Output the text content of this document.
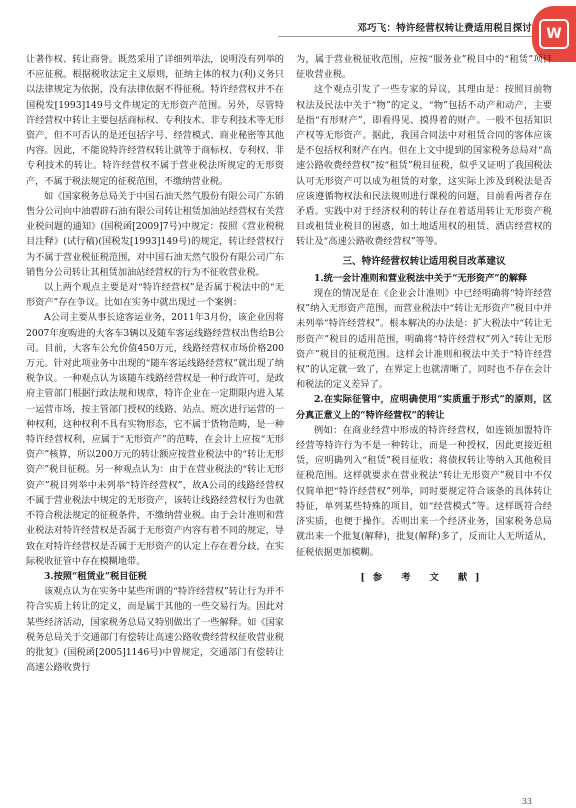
邓巧飞：特许经营权转让费适用税目探讨	W

让著作权、转让商誉。既然采用了详细列举法，说明没有列举的不应征税。根据税收法定主义原则，征纳主体的权力(利)义务只以法律规定为依据，没有法律依据不得征税。特许经营权并不在国税发[1993]149号文件规定的无形资产范围。另外，尽管特许经营权中转让主要包括商标权、专利技术、非专利技术等无形资产，但不可否认的是还包括字号、经营模式、商业秘密等其他内容。因此，不能说特许经营权转让就等于商标权、专利权、非专利技术的转让。特许经营权不属于营业税法所规定的无形资产，不属于税法规定的征税范围，不缴纳营业税。

如《国家税务总局关于中国石油天然气股份有限公司广东销售分公司向中油碧辟石油有限公司转让租赁加油站经营权有关营业税问题的通知》(国税函[2009]7号)中规定：按照《营业税税目注释》(试行稿)(国税发[1993]149号)的规定，转让经营权行为不属于营业税征税范围，对中国石油天然气股份有限公司广东销售分公司转让其租赁加油站经营权的行为不征收营业税。

以上两个观点主要是对“特许经营权”是否属于税法中的“无形资产”存在争议。比如在实务中就出现过一个案例：

A公司主要从事长途客运业务，2011年3月份，该企业因将2007年度购进的大客车3辆以及随车客运线路经营权出售给B公司。目前，大客车公允价值450万元，线路经营权市场价格200万元。针对此项业务中出现的“随车客运线路经营权”就出现了纳税争议。一种观点认为该随车线路经营权是一种行政许可，是政府主管部门根据行政法规和规章，特许企业在一定期限内进入某一运营市场，按主管部门授权的线路、站点、班次进行运营的一种权利，这种权利不具有实物形态，它不属于货物范畴，是一种特许经营权利，应属于“无形资产”的范畴，在会计上应按“无形资产”核算，所以200万元的转让额应按营业税法中的“转让无形资产”税目征税。另一种观点认为：由于在营业税法的“转让无形资产”税目列举中未列举“特许经营权”，故A公司的线路经营权不属于营业税法中规定的无形资产，该转让线路经营权行为也就不符合税法规定的征税条件，不缴纳营业税。由于会计准则和营业税法对特许经营权是否属于无形资产内容有着不同的规定，导致在对特许经营权是否属于无形资产的认定上存在着分歧，在实际税收征管中存在模糊地带。

3.按照“租赁业”税目征税

该观点认为在实务中某些所谓的“特许经营权”转让行为并不符合实质上转让的定义，而是属于其他的一些交易行为。因此对某些经济活动，国家税务总局又特别做出了一些解释。如《国家税务总局关于交通部门有偿转让高速公路收费经营权征收营业税的批复》(国税函[2005]1146号)中曾规定，交通部门有偿转让高速公路收费行

为，属于营业税征收范围，应按“服务业”税目中的“租赁”项目征收营业税。

这个观点引发了一些专家的异议，其理由是：按照目前物权法及民法中关于“物”的定义，“物”包括不动产和动产，主要是指“有形财产”，即看得见、摸得着的财产。一般不包括知识产权等无形资产。据此，我国合同法中对租赁合同的客体应该是不包括权利财产在内。但在上文中提到的国家税务总局对“高速公路收费经营权”按“租赁”税目征税，似乎又证明了我国税法认可无形资产可以成为租赁的对象，这实际上涉及到税法是否应该遵循物权法和民法规则进行课税的问题，目前看两者存在矛盾。实践中对于经济权利的转让存在着适用转让无形资产税目或租赁业税目的困惑，如土地适用权的租赁、酒店经营权的转让及“高速公路收费经营权”等等。

三、特许经营权转让适用税目改革建议

1.统一会计准则和营业税法中关于“无形资产”的解释

现在的情况是在《企业会计准则》中已经明确将“特许经营权”纳入无形资产范围，而营业税法中“转让无形资产”税目中并未列举“特许经营权”。根本解决的办法是：扩大税法中“转让无形资产”税目的适用范围，明确将“特许经营权”列入“转让无形资产”税目的征税范围。这样会计准则和税法中关于“特许经营权”的认定就一致了，在界定上也就清晰了，同时也不存在会计和税法的定义差异了。

2.在实际征管中，应明确使用“实质重于形式”的原则，区分真正意义上的“特许经营权”的转让

例如：在商业经营中形成的特许经营权，如连锁加盟特许经营等特许行为不是一种转让，而是一种授权，因此更接近租赁，应明确列入“租赁”税目征收；将债权转让等纳入其他税目征税范围。这样就要求在营业税法“转让无形资产”税目中不仅仅简单把“特许经营权”列举，同时要规定符合该条的具体转让特征，单列某些特殊的项目，如“经营模式”等。这样既符合经济实质，也便于操作。否则出来一个经济业务，国家税务总局就出来一个批复(解释)，批复(解释)多了，反而让人无所适从，征税依据更加模糊。

[参 考 文 献]

33
